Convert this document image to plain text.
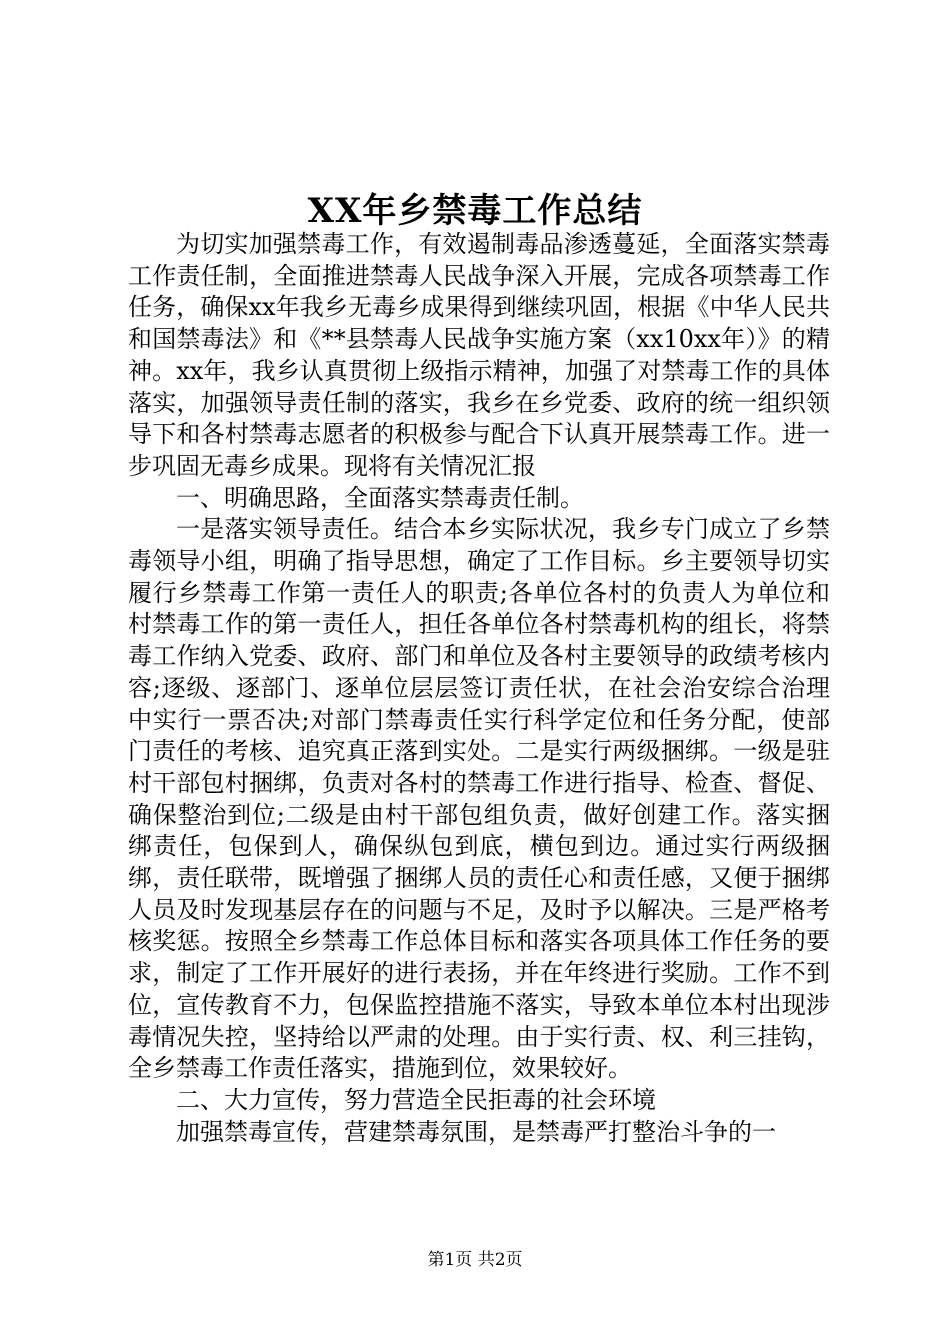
XX年乡禁毒工作总结

为切实加强禁毒工作，有效遏制毒品渗透蔓延，全面落实禁毒工作责任制，全面推进禁毒人民战争深入开展，完成各项禁毒工作任务，确保xx年我乡无毒乡成果得到继续巩固，根据《中华人民共和国禁毒法》和《**县禁毒人民战争实施方案（xx10xx年）》的精神。xx年，我乡认真贯彻上级指示精神，加强了对禁毒工作的具体落实，加强领导责任制的落实，我乡在乡党委、政府的统一组织领导下和各村禁毒志愿者的积极参与配合下认真开展禁毒工作。进一步巩固无毒乡成果。现将有关情况汇报

一、明确思路，全面落实禁毒责任制。

一是落实领导责任。结合本乡实际状况，我乡专门成立了乡禁毒领导小组，明确了指导思想，确定了工作目标。乡主要领导切实履行乡禁毒工作第一责任人的职责;各单位各村的负责人为单位和村禁毒工作的第一责任人，担任各单位各村禁毒机构的组长，将禁毒工作纳入党委、政府、部门和单位及各村主要领导的政绩考核内容;逐级、逐部门、逐单位层层签订责任状，在社会治安综合治理中实行一票否决;对部门禁毒责任实行科学定位和任务分配，使部门责任的考核、追究真正落到实处。二是实行两级捆绑。一级是驻村干部包村捆绑，负责对各村的禁毒工作进行指导、检查、督促、确保整治到位;二级是由村干部包组负责，做好创建工作。落实捆绑责任，包保到人，确保纵包到底，横包到边。通过实行两级捆绑，责任联带，既增强了捆绑人员的责任心和责任感，又便于捆绑人员及时发现基层存在的问题与不足，及时予以解决。三是严格考核奖惩。按照全乡禁毒工作总体目标和落实各项具体工作任务的要求，制定了工作开展好的进行表扬，并在年终进行奖励。工作不到位，宣传教育不力，包保监控措施不落实，导致本单位本村出现涉毒情况失控，坚持给以严肃的处理。由于实行责、权、利三挂钩，全乡禁毒工作责任落实，措施到位，效果较好。

二、大力宣传，努力营造全民拒毒的社会环境

加强禁毒宣传，营建禁毒氛围，是禁毒严打整治斗争的一

第1页 共2页
